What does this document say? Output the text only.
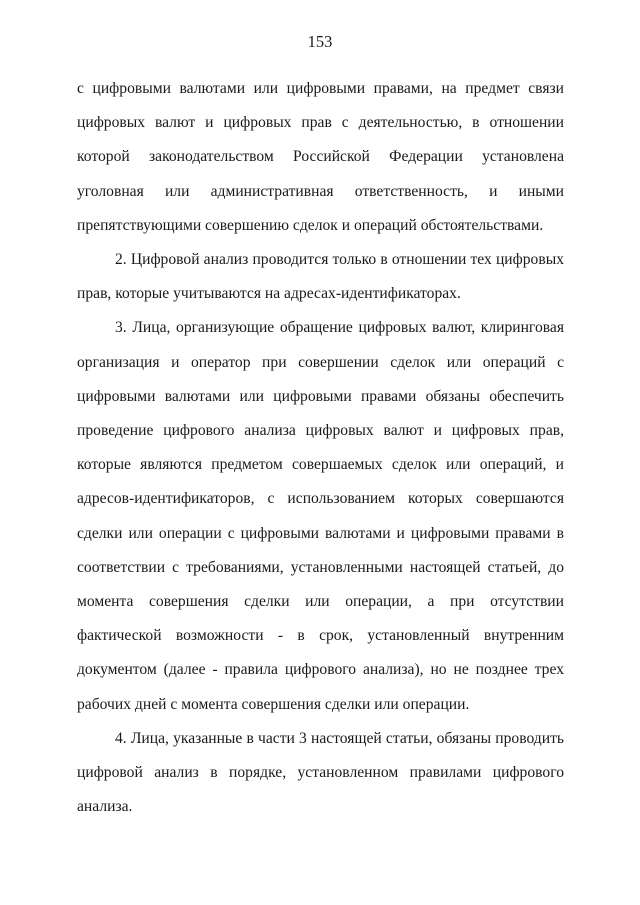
153

с цифровыми валютами или цифровыми правами, на предмет связи цифровых валют и цифровых прав с деятельностью, в отношении которой законодательством Российской Федерации установлена уголовная или административная ответственность, и иными препятствующими совершению сделок и операций обстоятельствами.

2. Цифровой анализ проводится только в отношении тех цифровых прав, которые учитываются на адресах-идентификаторах.

3. Лица, организующие обращение цифровых валют, клиринговая организация и оператор при совершении сделок или операций с цифровыми валютами или цифровыми правами обязаны обеспечить проведение цифрового анализа цифровых валют и цифровых прав, которые являются предметом совершаемых сделок или операций, и адресов-идентификаторов, с использованием которых совершаются сделки или операции с цифровыми валютами и цифровыми правами в соответствии с требованиями, установленными настоящей статьей, до момента совершения сделки или операции, а при отсутствии фактической возможности - в срок, установленный внутренним документом (далее - правила цифрового анализа), но не позднее трех рабочих дней с момента совершения сделки или операции.

4. Лица, указанные в части 3 настоящей статьи, обязаны проводить цифровой анализ в порядке, установленном правилами цифрового анализа.
